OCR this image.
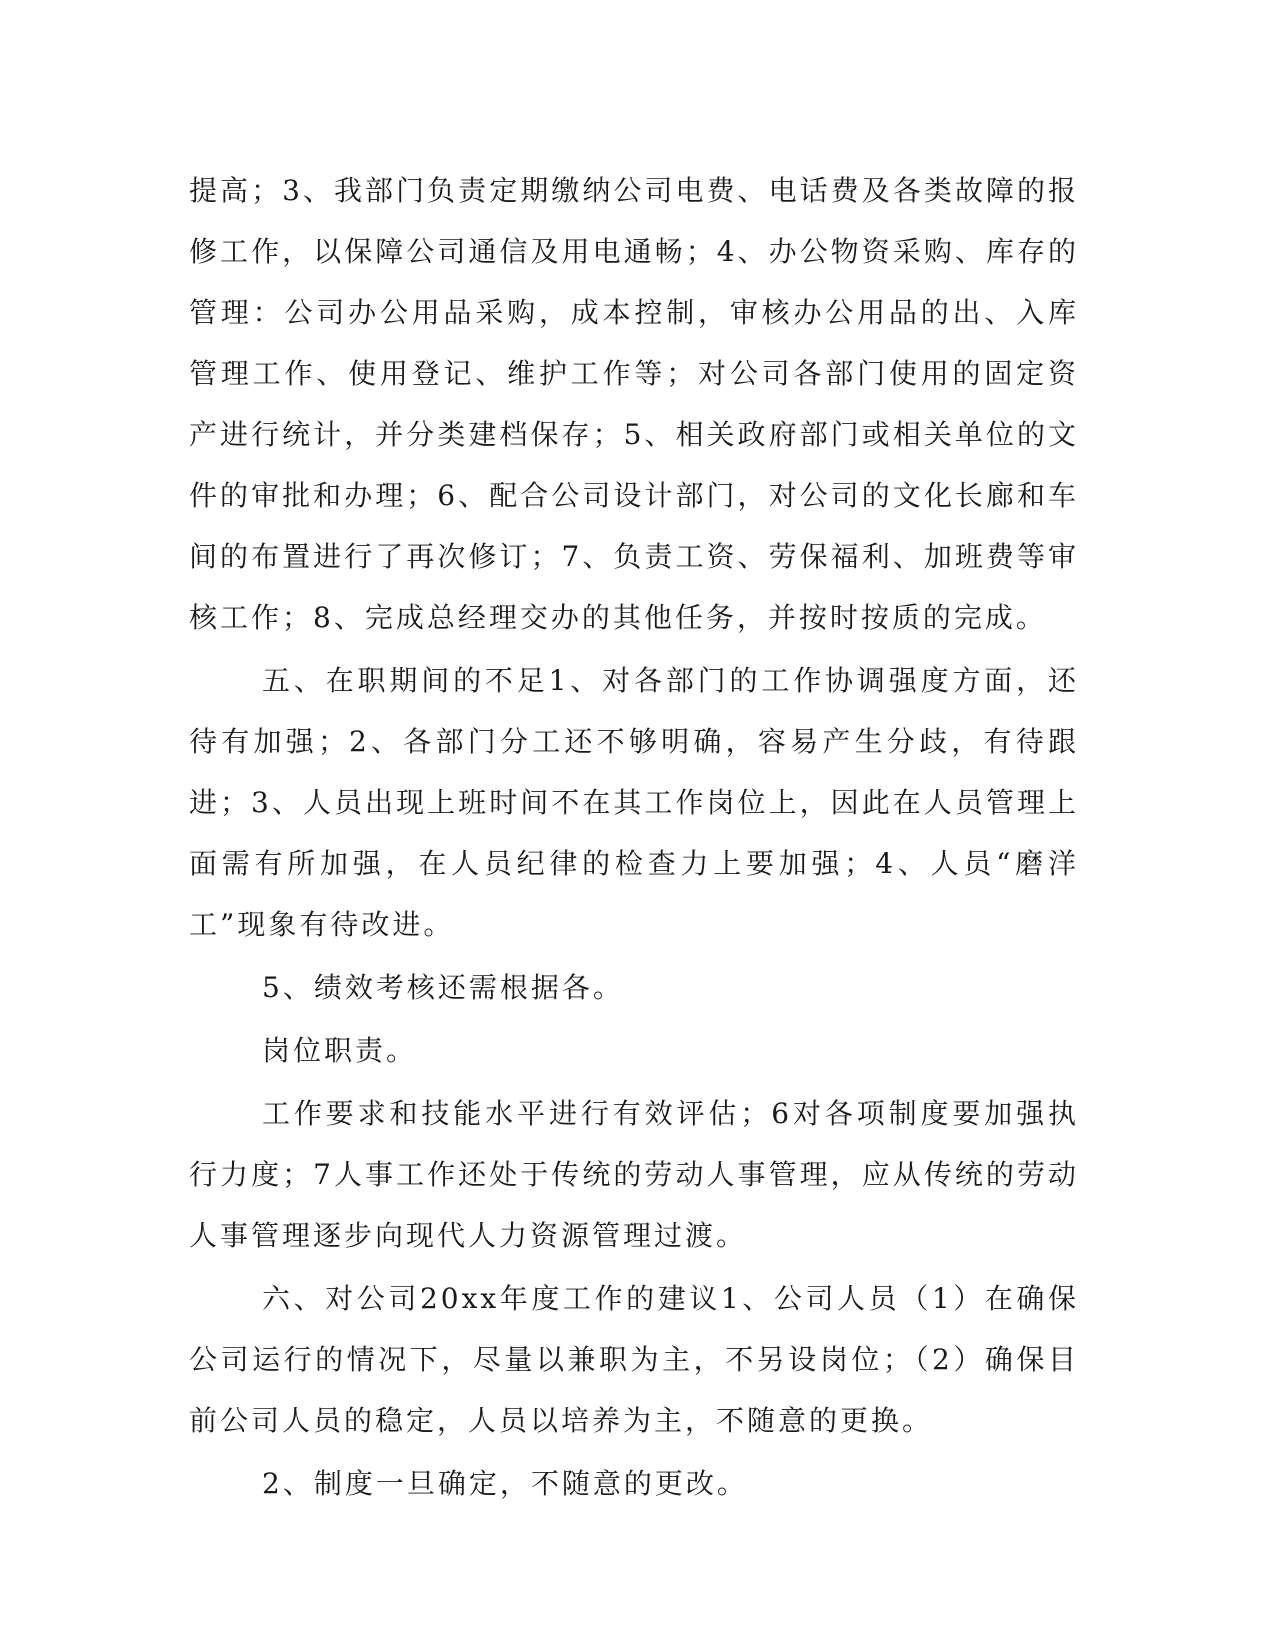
提高；3、我部门负责定期缴纳公司电费、电话费及各类故障的报修工作，以保障公司通信及用电通畅；4、办公物资采购、库存的管理：公司办公用品采购，成本控制，审核办公用品的出、入库管理工作、使用登记、维护工作等；对公司各部门使用的固定资产进行统计，并分类建档保存；5、相关政府部门或相关单位的文件的审批和办理；6、配合公司设计部门，对公司的文化长廊和车间的布置进行了再次修订；7、负责工资、劳保福利、加班费等审核工作；8、完成总经理交办的其他任务，并按时按质的完成。

五、在职期间的不足1、对各部门的工作协调强度方面，还待有加强；2、各部门分工还不够明确，容易产生分歧，有待跟进；3、人员出现上班时间不在其工作岗位上，因此在人员管理上面需有所加强，在人员纪律的检查力上要加强；4、人员“磨洋工”现象有待改进。

5、绩效考核还需根据各。

岗位职责。

工作要求和技能水平进行有效评估；6对各项制度要加强执行力度；7人事工作还处于传统的劳动人事管理，应从传统的劳动人事管理逐步向现代人力资源管理过渡。

六、对公司20xx年度工作的建议1、公司人员（1）在确保公司运行的情况下，尽量以兼职为主，不另设岗位；（2）确保目前公司人员的稳定，人员以培养为主，不随意的更换。

2、制度一旦确定，不随意的更改。
